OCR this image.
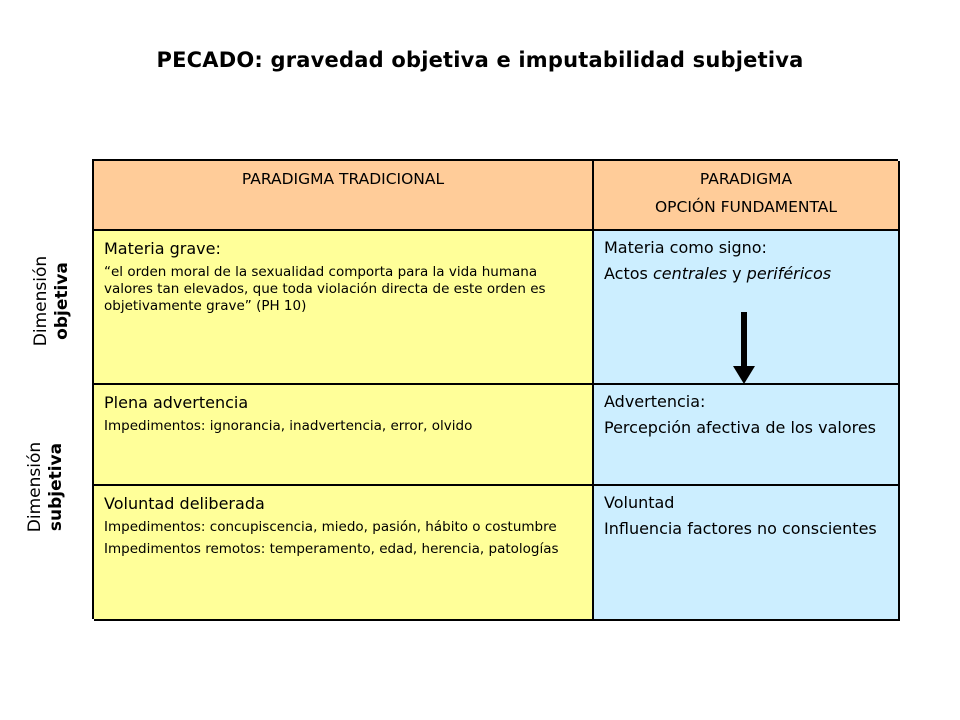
PECADO: gravedad objetiva e imputabilidad subjetiva
Dimensión objetiva
Dimensión subjetiva

PARADIGMA TRADICIONAL	PARADIGMA

OPCIÓN FUNDAMENTAL

Materia grave:

“el orden moral de la sexualidad comporta para la vida humana valores tan elevados, que toda violación directa de este orden es objetivamente grave” (PH 10)

Materia como signo:

Actos centrales y periféricos

Plena advertencia

Impedimentos: ignorancia, inadvertencia, error, olvido

Advertencia:

Percepción afectiva de los valores

Voluntad deliberada

Impedimentos: concupiscencia, miedo, pasión, hábito o costumbre

Impedimentos remotos: temperamento, edad, herencia, patologías

Voluntad

Influencia factores no conscientes
